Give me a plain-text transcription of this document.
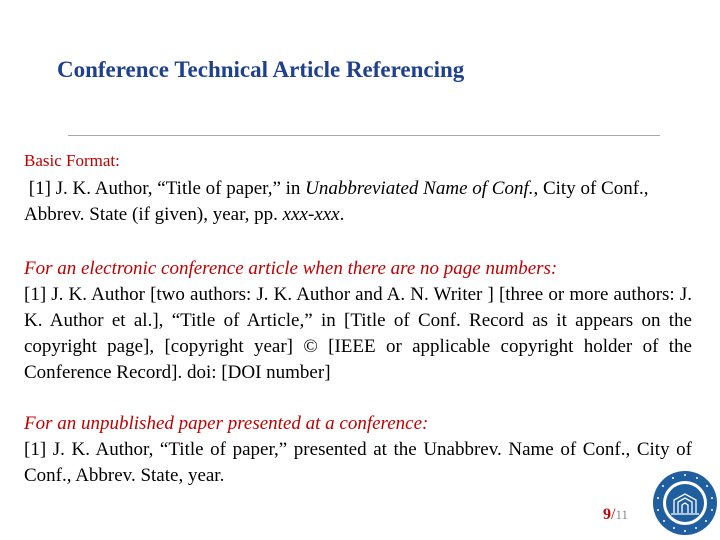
Conference Technical Article Referencing
Basic Format:
[1] J. K. Author, “Title of paper,” in Unabbreviated Name of Conf., City of Conf., Abbrev. State (if given), year, pp. xxx-xxx.
For an electronic conference article when there are no page numbers:
[1] J. K. Author [two authors: J. K. Author and A. N. Writer ] [three or more authors: J. K. Author et al.], “Title of Article,” in [Title of Conf. Record as it appears on the copyright page], [copyright year] © [IEEE or applicable copyright holder of the Conference Record]. doi: [DOI number]
For an unpublished paper presented at a conference:
[1] J. K. Author, “Title of paper,” presented at the Unabbrev. Name of Conf., City of Conf., Abbrev. State, year.
9/11
